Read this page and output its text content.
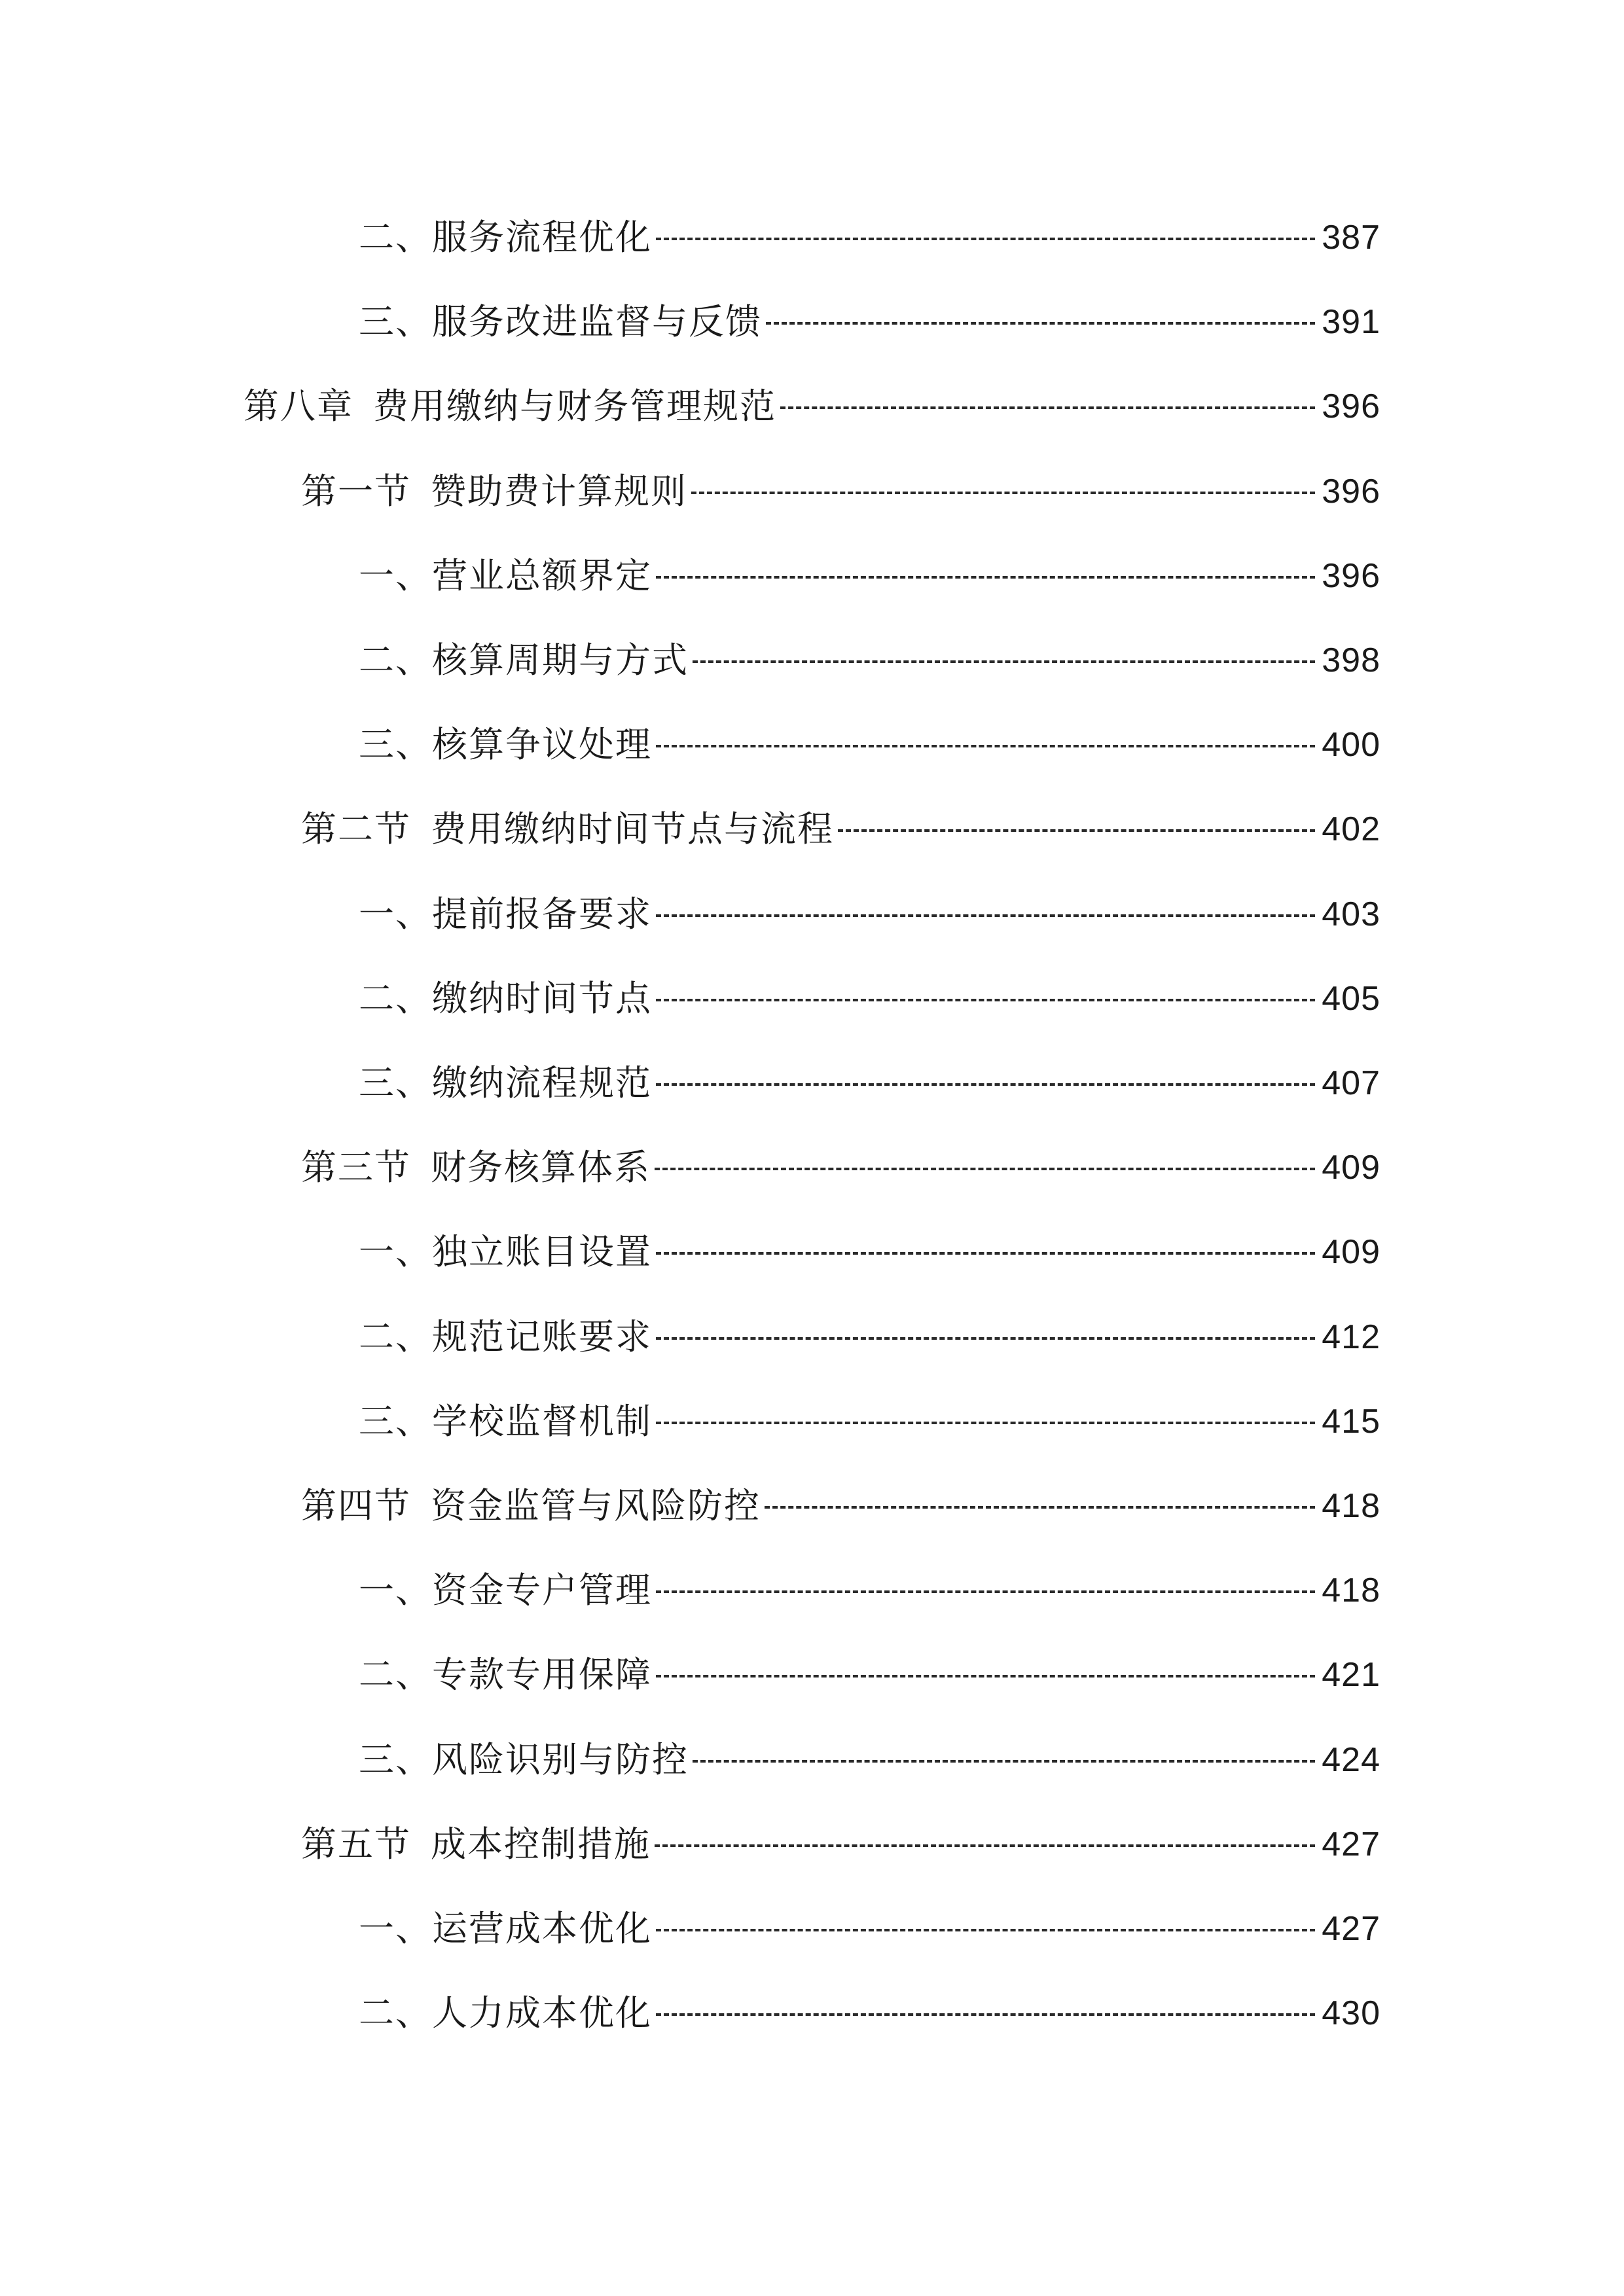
二、服务流程优化	387
三、服务改进监督与反馈	391
第八章 费用缴纳与财务管理规范	396
第一节 赞助费计算规则	396
一、营业总额界定	396
二、核算周期与方式	398
三、核算争议处理	400
第二节 费用缴纳时间节点与流程	402
一、提前报备要求	403
二、缴纳时间节点	405
三、缴纳流程规范	407
第三节 财务核算体系	409
一、独立账目设置	409
二、规范记账要求	412
三、学校监督机制	415
第四节 资金监管与风险防控	418
一、资金专户管理	418
二、专款专用保障	421
三、风险识别与防控	424
第五节 成本控制措施	427
一、运营成本优化	427
二、人力成本优化	430
